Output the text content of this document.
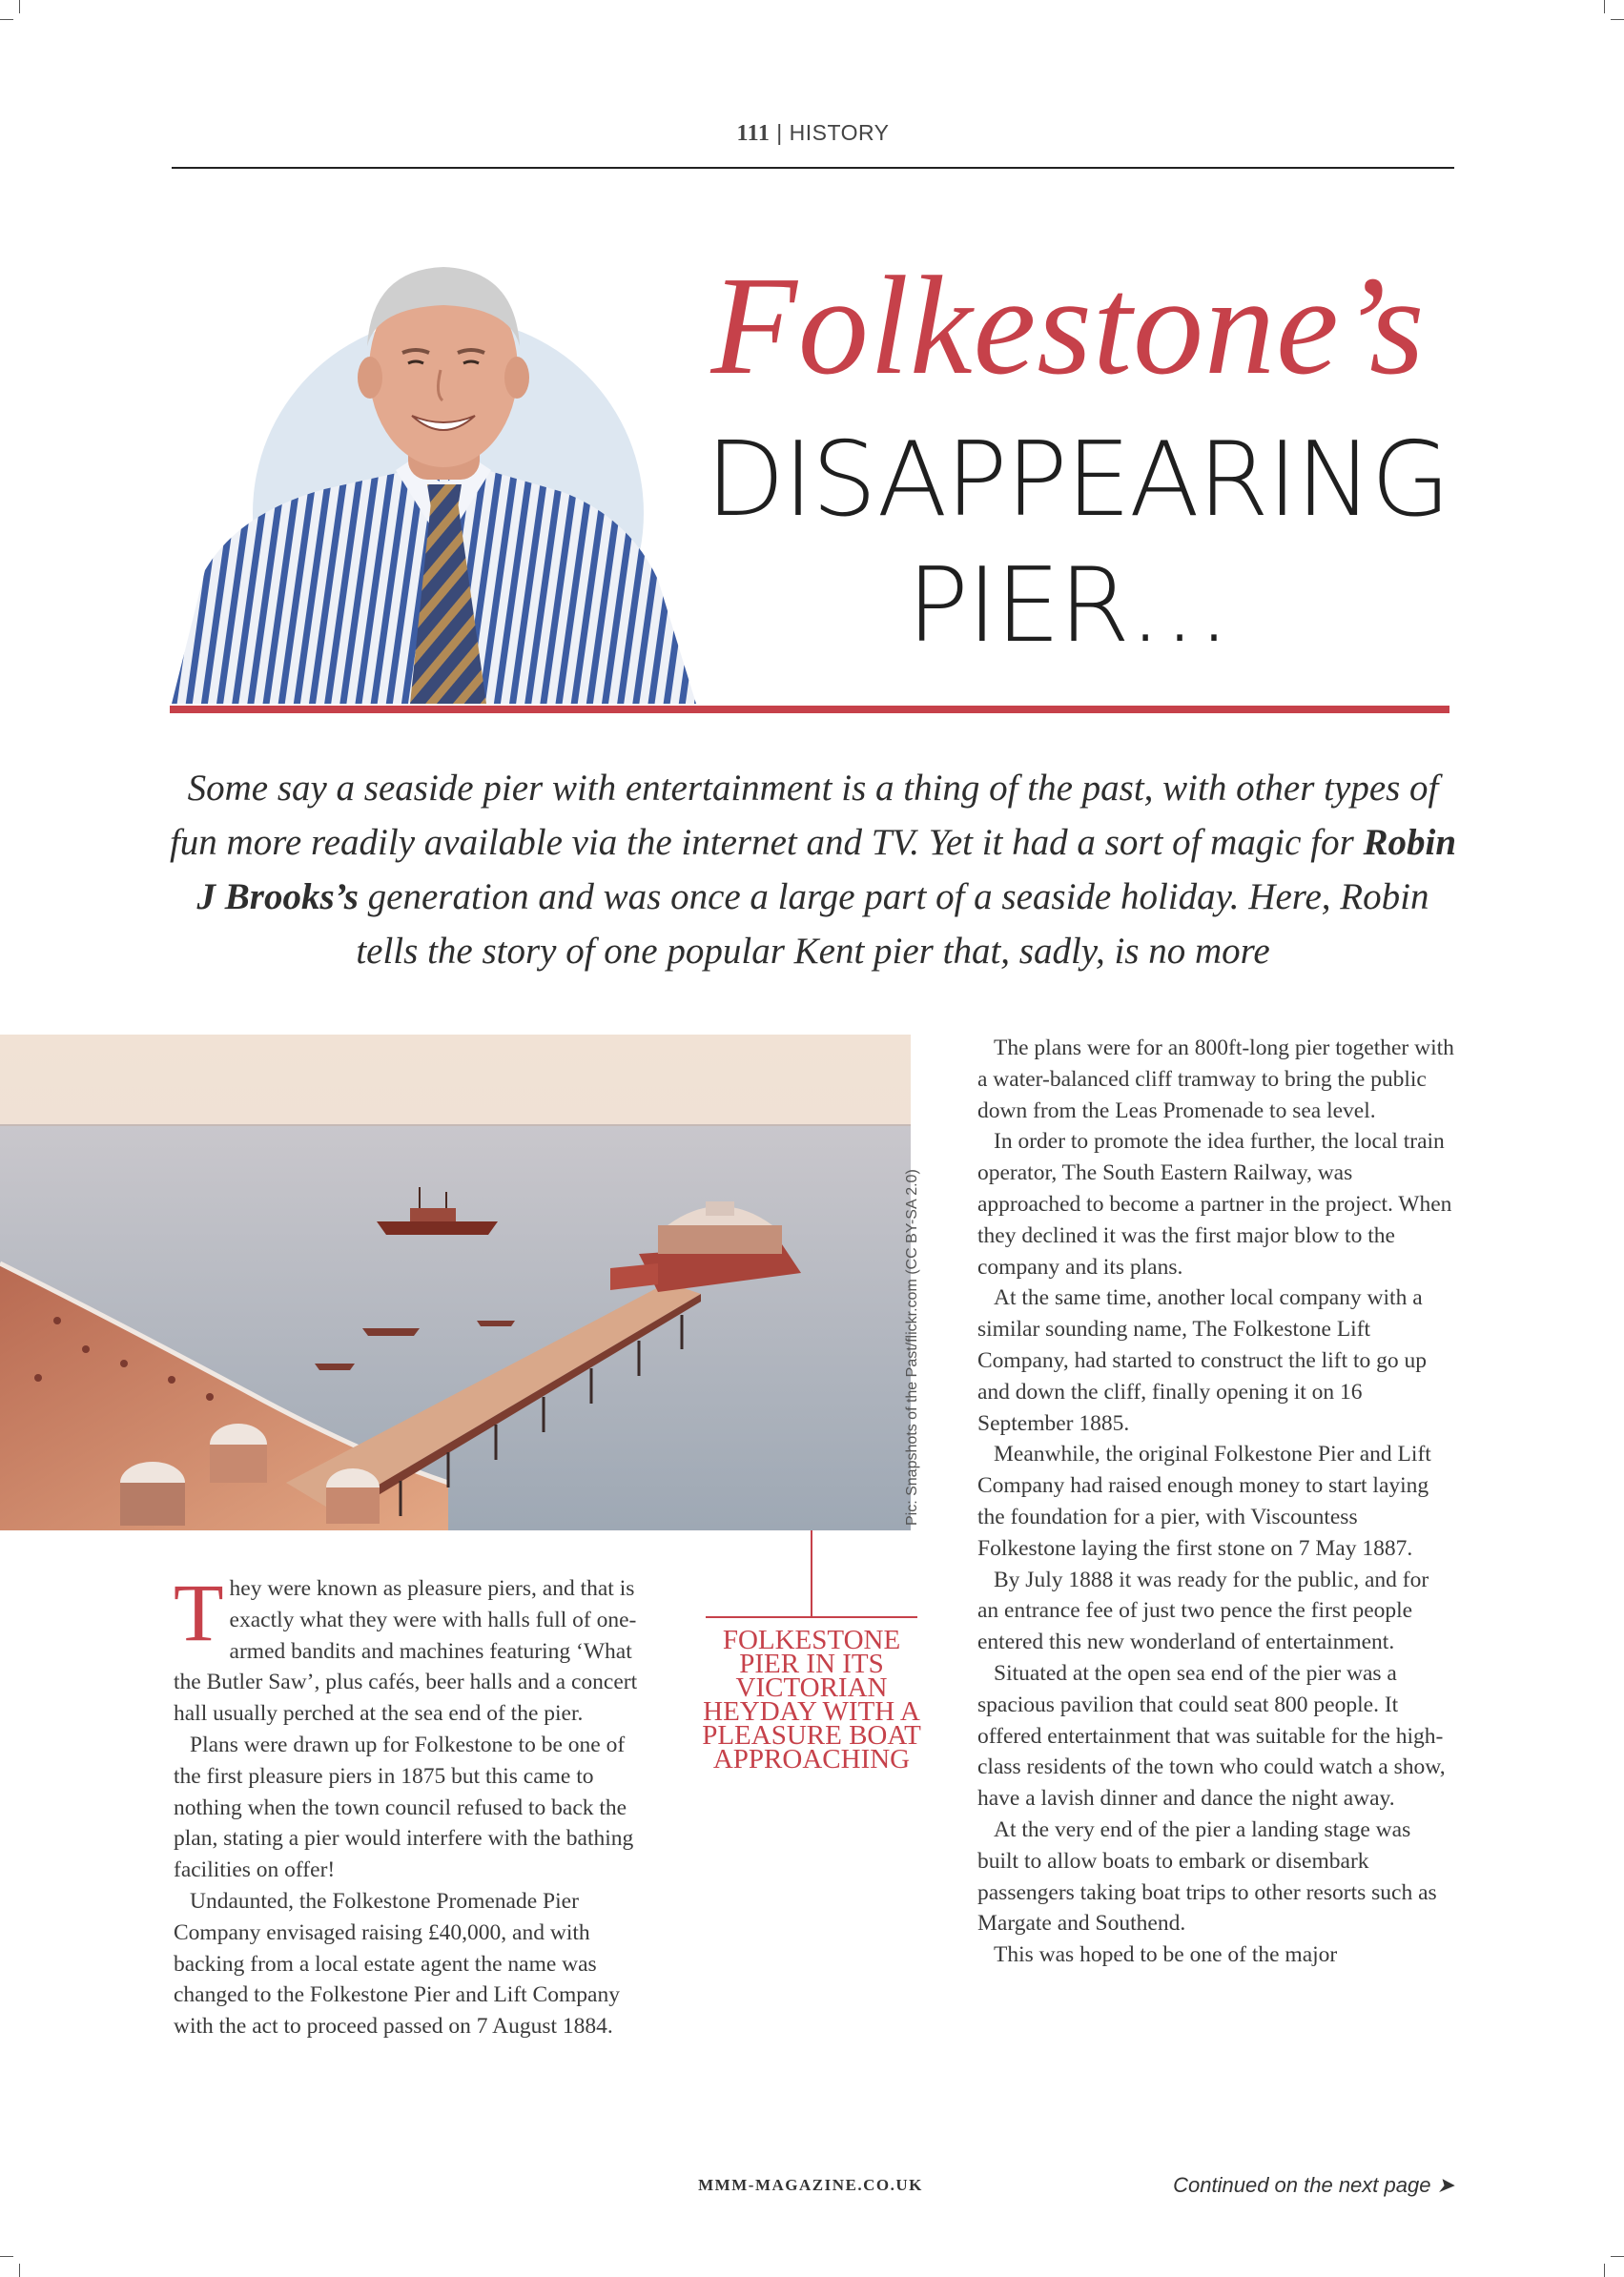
111 | HISTORY
Folkestone’s
DISAPPEARING
PIER…
Some say a seaside pier with entertainment is a thing of the past, with other types of fun more readily available via the internet and TV. Yet it had a sort of magic for Robin J Brooks’s generation and was once a large part of a seaside holiday. Here, Robin tells the story of one popular Kent pier that, sadly, is no more
Pic: Snapshots of the Past/flickr.com (CC BY-SA 2.0)
FOLKESTONE PIER IN ITS VICTORIAN HEYDAY WITH A PLEASURE BOAT APPROACHING

They were known as pleasure piers, and that is exactly what they were with halls full of one-armed bandits and machines featuring ‘What the Butler Saw’, plus cafés, beer halls and a concert hall usually perched at the sea end of the pier.

Plans were drawn up for Folkestone to be one of the first pleasure piers in 1875 but this came to nothing when the town council refused to back the plan, stating a pier would interfere with the bathing facilities on offer!

Undaunted, the Folkestone Promenade Pier Company envisaged raising £40,000, and with backing from a local estate agent the name was changed to the Folkestone Pier and Lift Company with the act to proceed passed on 7 August 1884.

The plans were for an 800ft-long pier together with a water-balanced cliff tramway to bring the public down from the Leas Promenade to sea level.

In order to promote the idea further, the local train operator, The South Eastern Railway, was approached to become a partner in the project. When they declined it was the first major blow to the company and its plans.

At the same time, another local company with a similar sounding name, The Folkestone Lift Company, had started to construct the lift to go up and down the cliff, finally opening it on 16 September 1885.

Meanwhile, the original Folkestone Pier and Lift Company had raised enough money to start laying the foundation for a pier, with Viscountess Folkestone laying the first stone on 7 May 1887.

By July 1888 it was ready for the public, and for an entrance fee of just two pence the first people entered this new wonderland of entertainment.

Situated at the open sea end of the pier was a spacious pavilion that could seat 800 people. It offered entertainment that was suitable for the high-class residents of the town who could watch a show, have a lavish dinner and dance the night away.

At the very end of the pier a landing stage was built to allow boats to embark or disembark passengers taking boat trips to other resorts such as Margate and Southend.

This was hoped to be one of the major

MMM-MAGAZINE.CO.UK	Continued on the next page ➤
